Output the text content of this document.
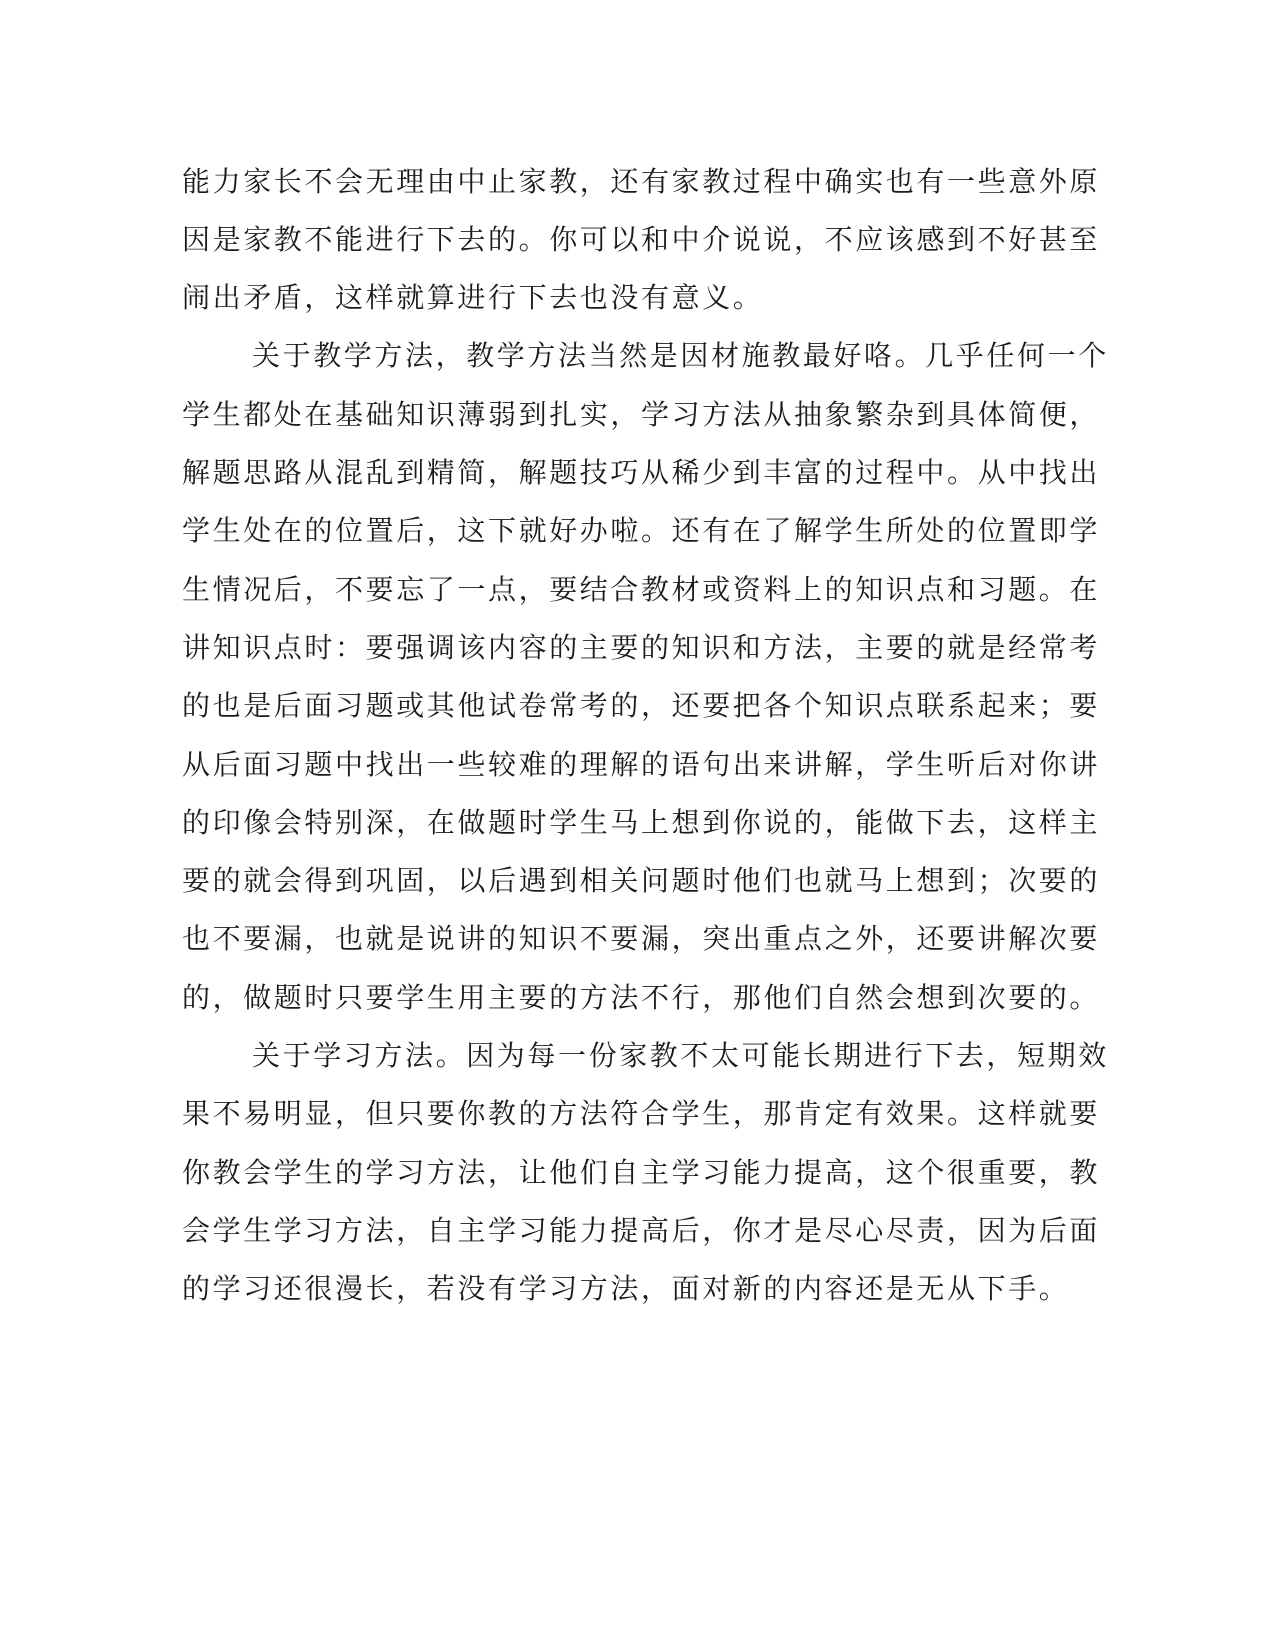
能力家长不会无理由中止家教，还有家教过程中确实也有一些意外原
因是家教不能进行下去的。你可以和中介说说，不应该感到不好甚至
闹出矛盾，这样就算进行下去也没有意义。
关于教学方法，教学方法当然是因材施教最好咯。几乎任何一个
学生都处在基础知识薄弱到扎实，学习方法从抽象繁杂到具体简便，
解题思路从混乱到精简，解题技巧从稀少到丰富的过程中。从中找出
学生处在的位置后，这下就好办啦。还有在了解学生所处的位置即学
生情况后，不要忘了一点，要结合教材或资料上的知识点和习题。在
讲知识点时：要强调该内容的主要的知识和方法，主要的就是经常考
的也是后面习题或其他试卷常考的，还要把各个知识点联系起来；要
从后面习题中找出一些较难的理解的语句出来讲解，学生听后对你讲
的印像会特别深，在做题时学生马上想到你说的，能做下去，这样主
要的就会得到巩固，以后遇到相关问题时他们也就马上想到；次要的
也不要漏，也就是说讲的知识不要漏，突出重点之外，还要讲解次要
的，做题时只要学生用主要的方法不行，那他们自然会想到次要的。
关于学习方法。因为每一份家教不太可能长期进行下去，短期效
果不易明显，但只要你教的方法符合学生，那肯定有效果。这样就要
你教会学生的学习方法，让他们自主学习能力提高，这个很重要，教
会学生学习方法，自主学习能力提高后，你才是尽心尽责，因为后面
的学习还很漫长，若没有学习方法，面对新的内容还是无从下手。
